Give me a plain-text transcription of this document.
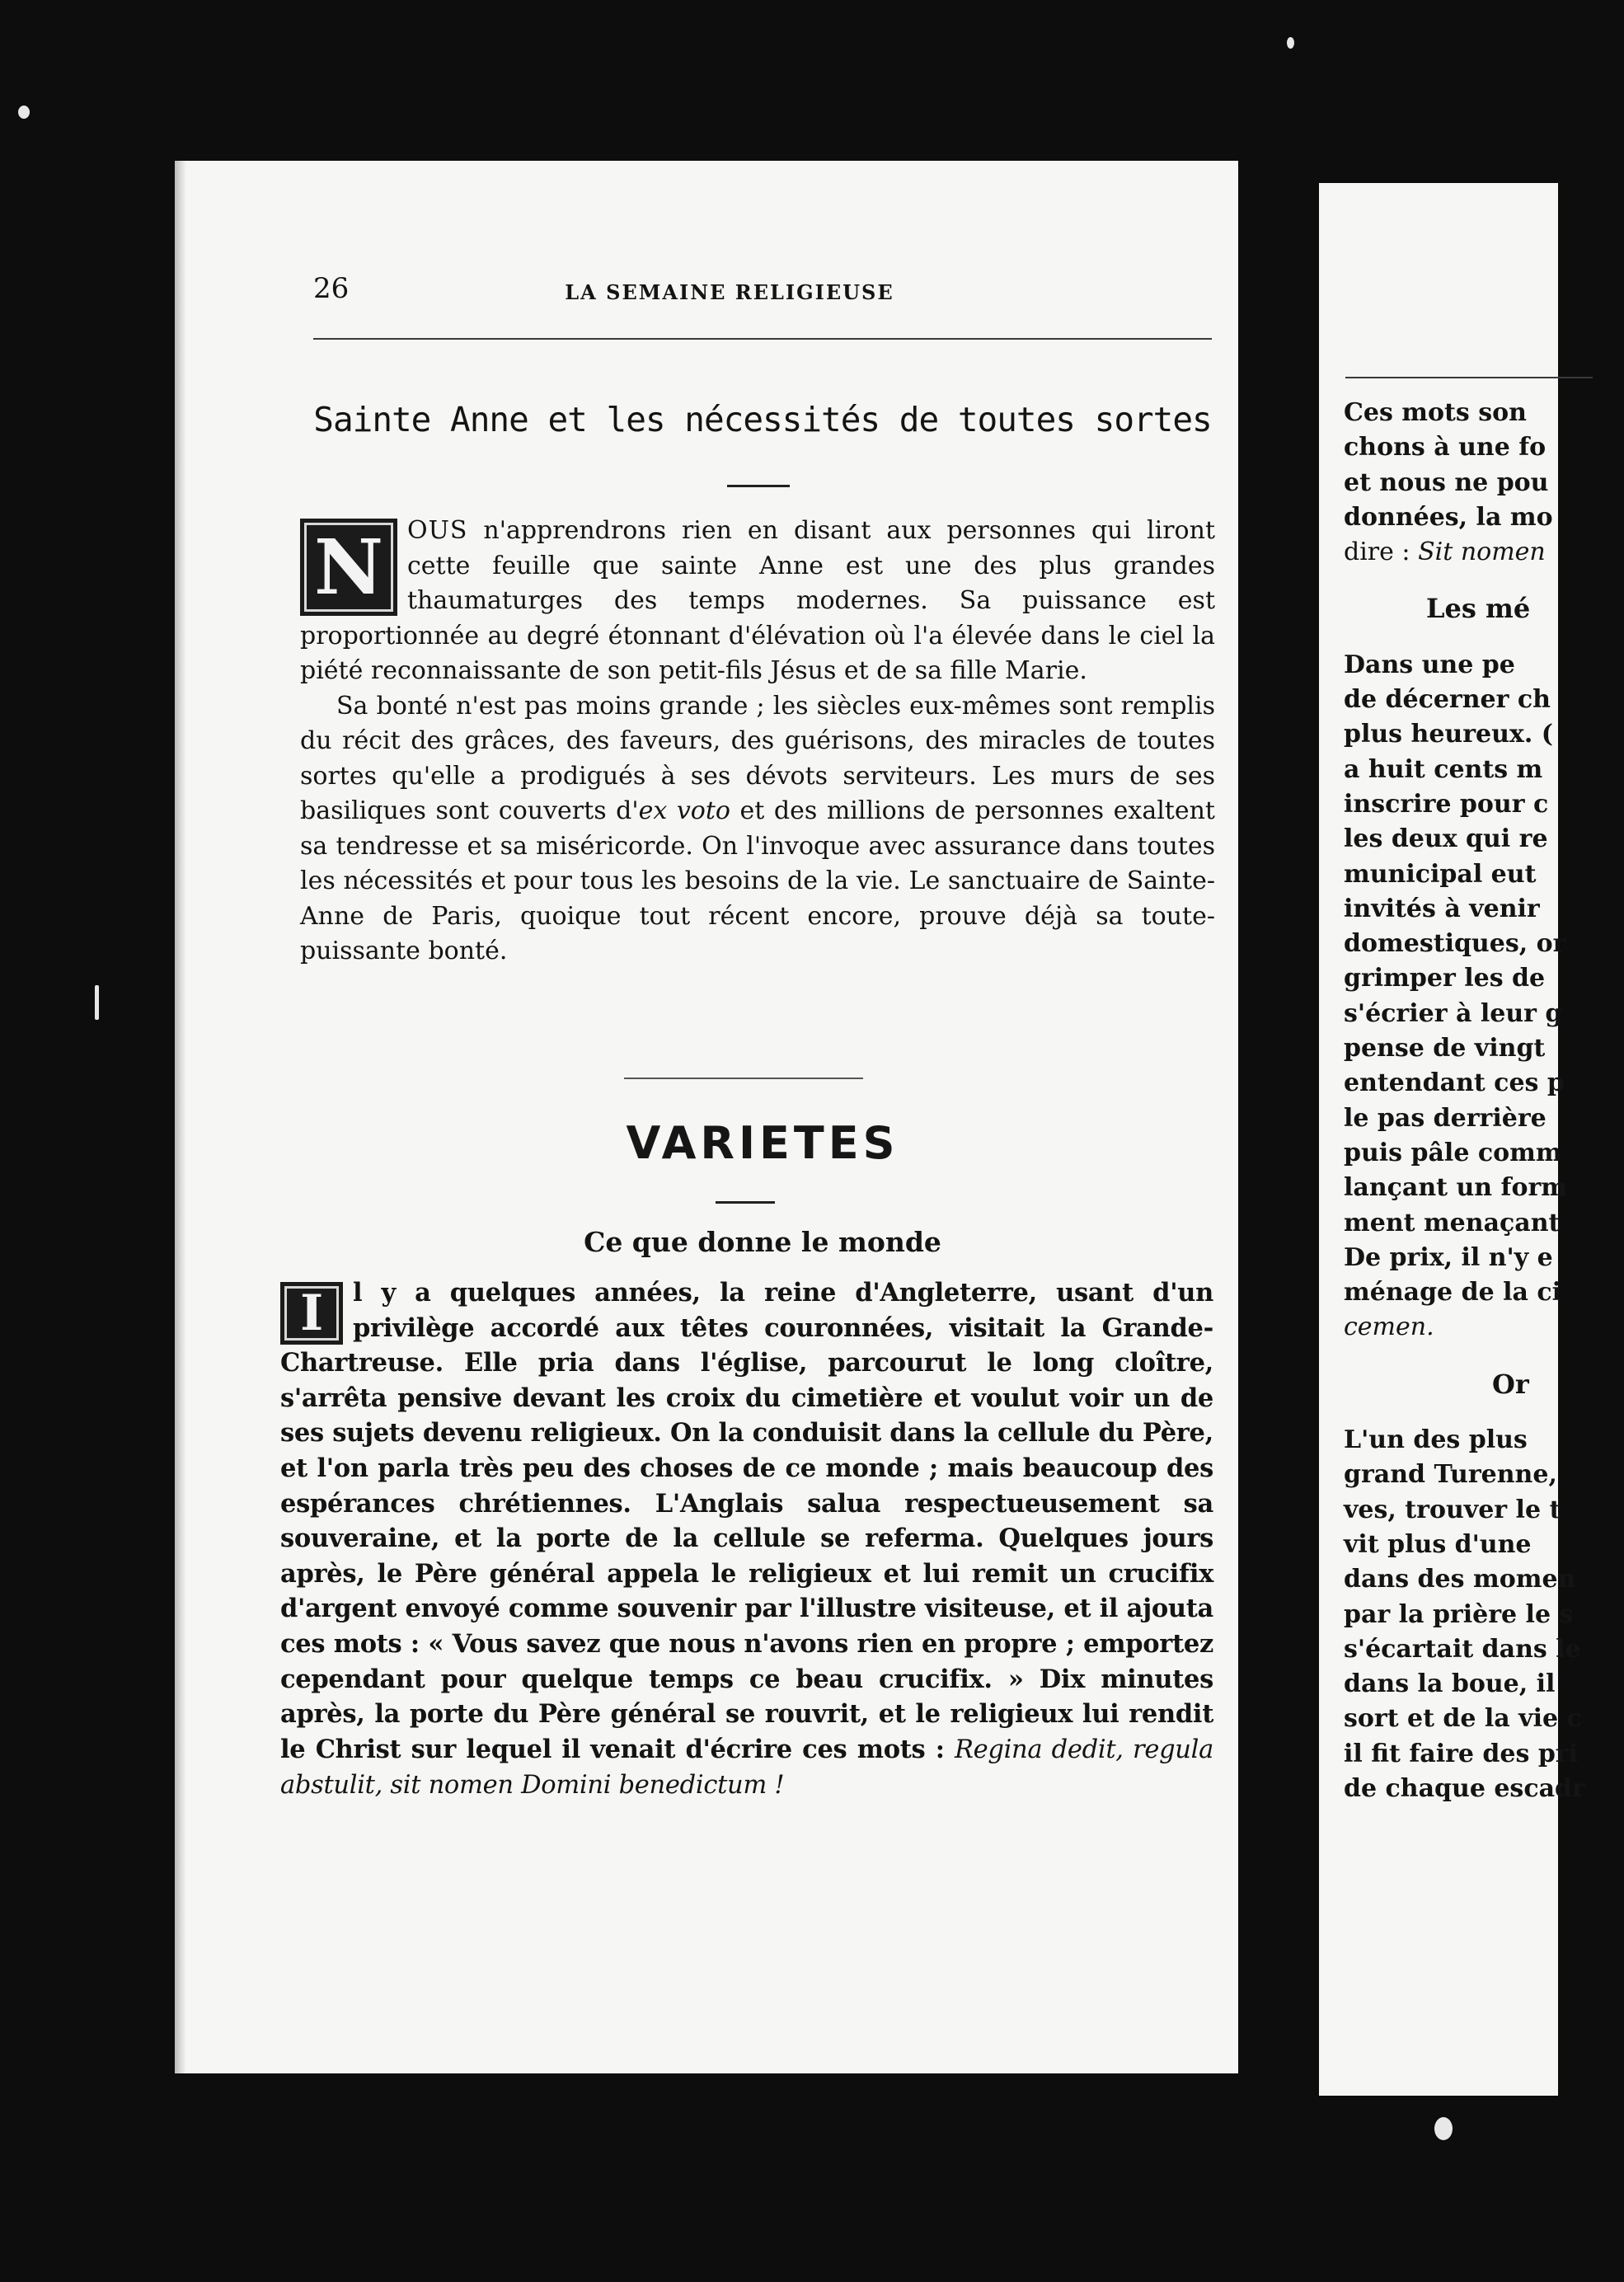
26	LA SEMAINE RELIGIEUSE
Sainte Anne et les nécessités de toutes sortes

N OUS n'apprendrons rien en disant aux personnes qui liront cette feuille que sainte Anne est une des plus grandes thaumaturges des temps modernes. Sa puissance est proportionnée au degré étonnant d'élévation où l'a élevée dans le ciel la piété reconnaissante de son petit-fils Jésus et de sa fille Marie.

Sa bonté n'est pas moins grande ; les siècles eux-mêmes sont remplis du récit des grâces, des faveurs, des guérisons, des miracles de toutes sortes qu'elle a prodigués à ses dévots serviteurs. Les murs de ses basiliques sont couverts d'ex voto et des millions de personnes exaltent sa tendresse et sa miséricorde. On l'invoque avec assurance dans toutes les nécessités et pour tous les besoins de la vie. Le sanctuaire de Sainte-Anne de Paris, quoique tout récent encore, prouve déjà sa toute-puissante bonté.

VARIETES
Ce que donne le monde

I	l y a quelques années, la reine d'Angleterre, usant d'un privilège accordé aux têtes couronnées, visitait la Grande-Chartreuse. Elle pria dans l'église, parcourut le long cloître, s'arrêta pensive devant les croix du cimetière et voulut voir un de ses sujets devenu religieux. On la conduisit dans la cellule du Père, et l'on parla très peu des choses de ce monde ; mais beaucoup des espérances chrétiennes. L'Anglais salua respectueusement sa souveraine, et la porte de la cellule se referma. Quelques jours après, le Père général appela le religieux et lui remit un crucifix d'argent envoyé comme souvenir par l'illustre visiteuse, et il ajouta ces mots : « Vous savez que nous n'avons rien en propre ; emportez cependant pour quelque temps ce beau crucifix. » Dix minutes après, la porte du Père général se rouvrit, et le religieux lui rendit le Christ sur lequel il venait d'écrire ces mots : Regina dedit, regula abstulit, sit nomen Domini benedictum !

Ces mots son
chons à une fo
et nous ne pou
données, la mo
dire : Sit nomen
Les mé
Dans une pe
de décerner ch
plus heureux. (
a huit cents m
inscrire pour c
les deux qui re
municipal eut
invités à venir
domestiques, or
grimper les de
s'écrier à leur g
pense de vingt
entendant ces p
le pas derrière
puis pâle comm
lançant un form
ment menaçant
De prix, il n'y e
ménage de la ci
cemen.
Or
L'un des plus
grand Turenne,
ves, trouver le t
vit plus d'une
dans des momen
par la prière le s
s'écartait dans le
dans la boue, il
sort et de la vie c
il fit faire des pri
de chaque escadr
